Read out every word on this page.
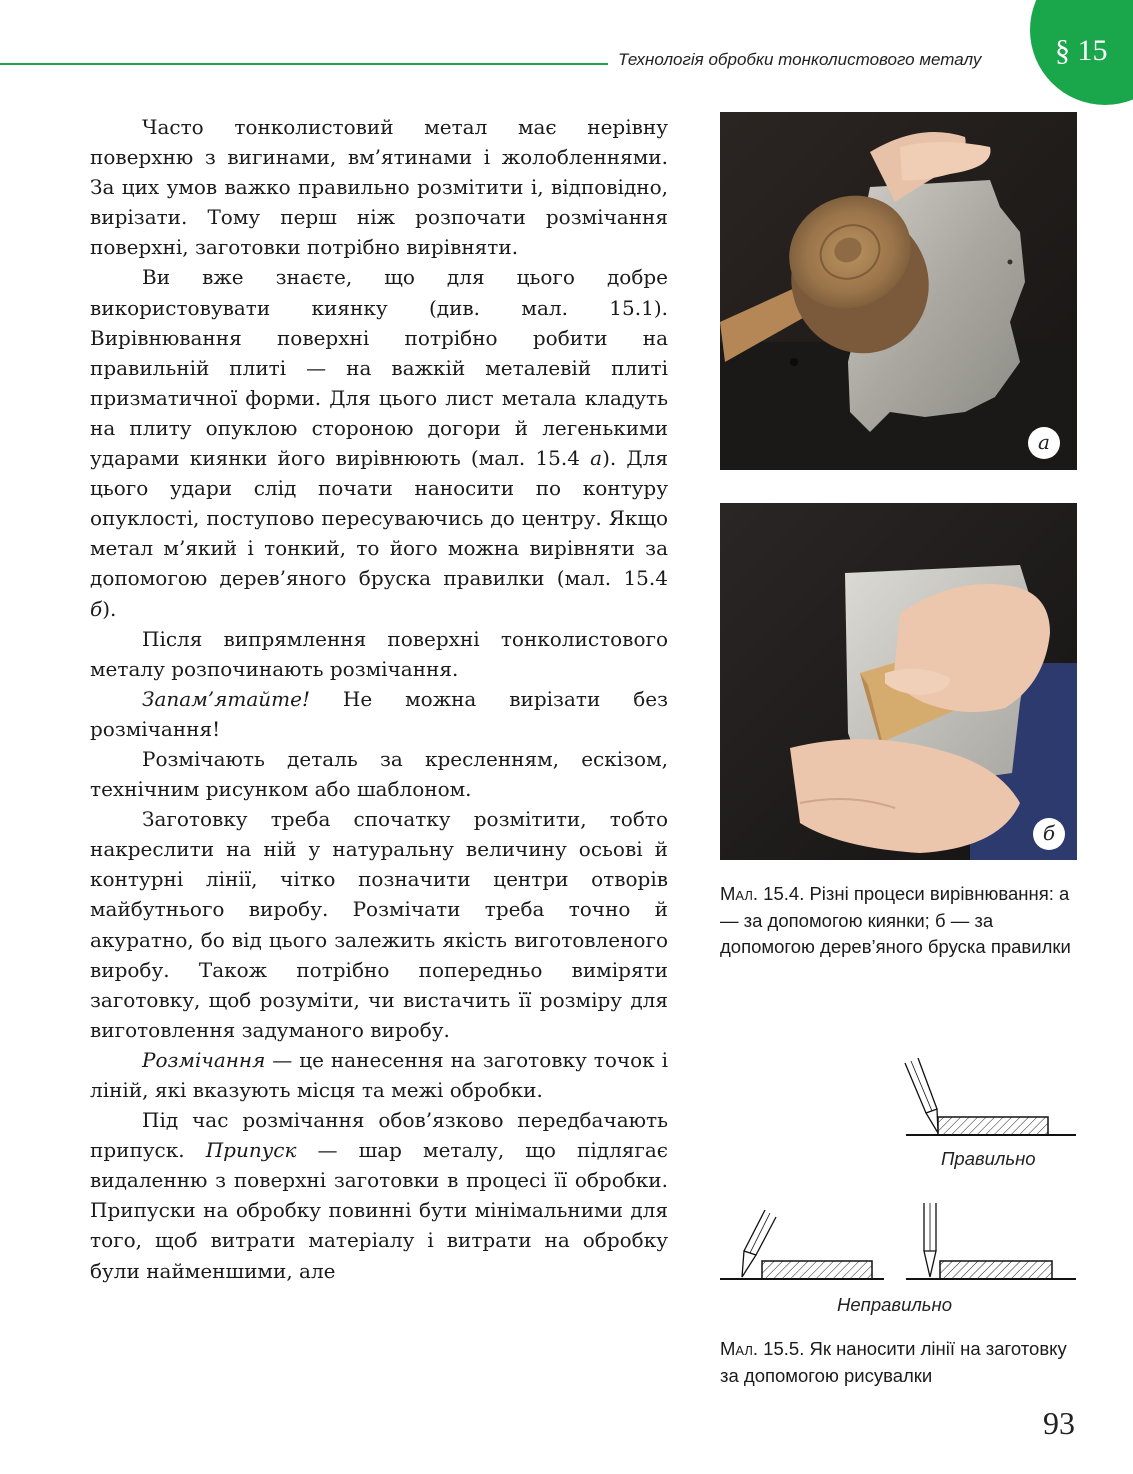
Технологія обробки тонколистового металу	§ 15

Часто тонколистовий метал має нерівну поверхню з вигинами, вм’ятинами і жолобленнями. За цих умов важко правильно розмітити і, відповідно, вирізати. Тому перш ніж розпочати розмічання поверхні, заготовки потрібно вирівняти.

Ви вже знаєте, що для цього добре використовувати киянку (див. мал. 15.1). Вирівнювання поверхні потрібно робити на правильній плиті — на важкій металевій плиті призматичної форми. Для цього лист метала кладуть на плиту опуклою стороною догори й легенькими ударами киянки його вирівнюють (мал. 15.4 а). Для цього удари слід почати наносити по контуру опуклості, поступово пересуваючись до центру. Якщо метал м’який і тонкий, то його можна вирівняти за допомогою дерев’яного бруска правилки (мал. 15.4 б).

Після випрямлення поверхні тонколистового металу розпочинають розмічання.

Запам’ятайте! Не можна вирізати без розмічання!

Розмічають деталь за кресленням, ескізом, технічним рисунком або шаблоном.

Заготовку треба спочатку розмітити, тобто накреслити на ній у натуральну величину осьові й контурні лінії, чітко позначити центри отворів майбутнього виробу. Розмічати треба точно й акуратно, бо від цього залежить якість виготовленого виробу. Також потрібно попередньо виміряти заготовку, щоб розуміти, чи вистачить її розміру для виготовлення задуманого виробу.

Розмічання — це нанесення на заготовку точок і ліній, які вказують місця та межі обробки.

Під час розмічання обов’язково передбачають припуск. Припуск — шар металу, що підлягає видаленню з поверхні заготовки в процесі її обробки. Припуски на обробку повинні бути мінімальними для того, щоб витрати матеріалу і витрати на обробку були найменшими, але

а
б
Мал. 15.4. Різні процеси вирівнювання: а — за допомогою киянки; б — за допомогою дерев’яного бруска правилки
Правильно
Неправильно
Мал. 15.5. Як наносити лінії на заготовку за допомогою рисувалки
93
